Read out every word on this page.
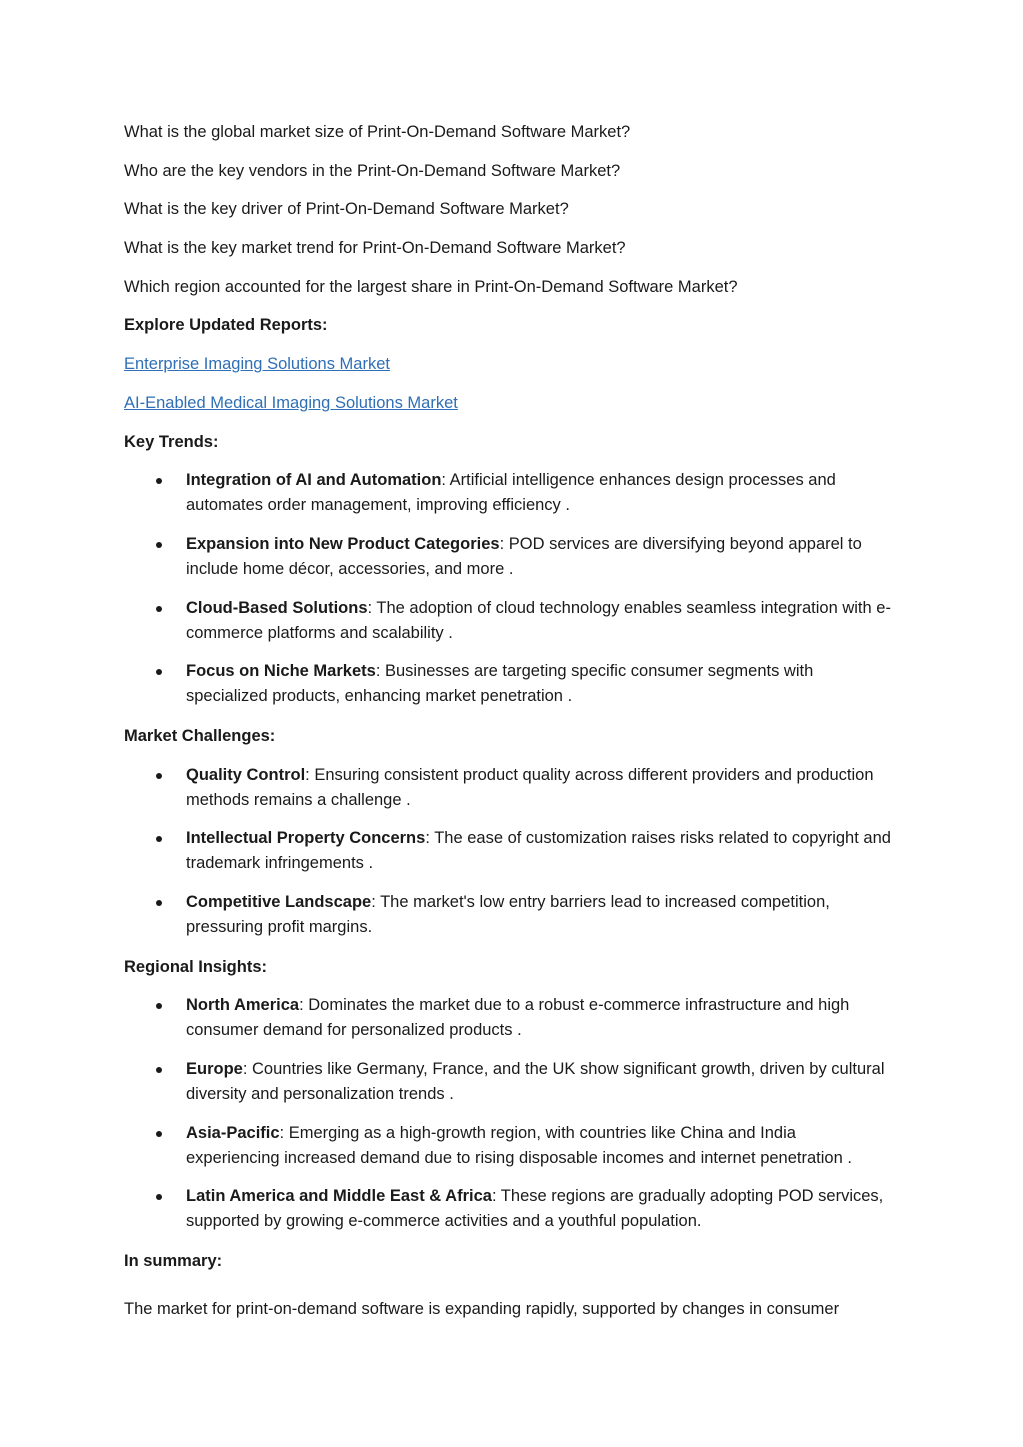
What is the global market size of Print-On-Demand Software Market?

Who are the key vendors in the Print-On-Demand Software Market?

What is the key driver of Print-On-Demand Software Market?

What is the key market trend for Print-On-Demand Software Market?

Which region accounted for the largest share in Print-On-Demand Software Market?

Explore Updated Reports:

Enterprise Imaging Solutions Market

AI-Enabled Medical Imaging Solutions Market

Key Trends:

Integration of AI and Automation: Artificial intelligence enhances design processes and automates order management, improving efficiency .
Expansion into New Product Categories: POD services are diversifying beyond apparel to include home décor, accessories, and more .
Cloud-Based Solutions: The adoption of cloud technology enables seamless integration with e-commerce platforms and scalability .
Focus on Niche Markets: Businesses are targeting specific consumer segments with specialized products, enhancing market penetration .

Market Challenges:

Quality Control: Ensuring consistent product quality across different providers and production methods remains a challenge .
Intellectual Property Concerns: The ease of customization raises risks related to copyright and trademark infringements .
Competitive Landscape: The market's low entry barriers lead to increased competition, pressuring profit margins.

Regional Insights:

North America: Dominates the market due to a robust e-commerce infrastructure and high consumer demand for personalized products .
Europe: Countries like Germany, France, and the UK show significant growth, driven by cultural diversity and personalization trends .
Asia-Pacific: Emerging as a high-growth region, with countries like China and India experiencing increased demand due to rising disposable incomes and internet penetration .
Latin America and Middle East & Africa: These regions are gradually adopting POD services, supported by growing e-commerce activities and a youthful population.

In summary:

The market for print-on-demand software is expanding rapidly, supported by changes in consumer
